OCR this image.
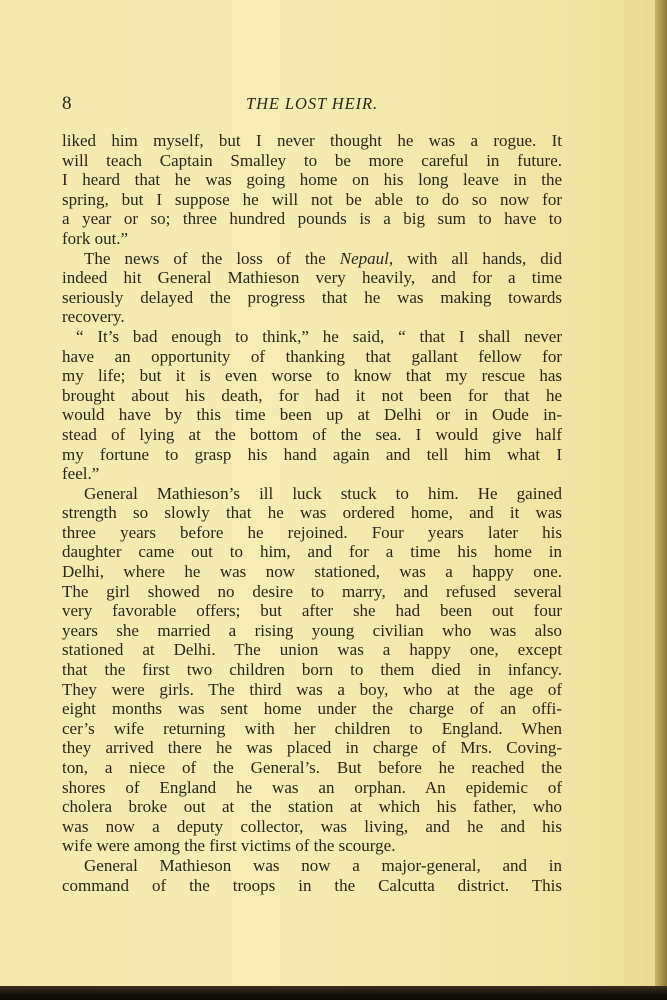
8	THE LOST HEIR.
liked him myself, but I never thought he was a rogue. It
will teach Captain Smalley to be more careful in future.
I heard that he was going home on his long leave in the
spring, but I suppose he will not be able to do so now for
a year or so; three hundred pounds is a big sum to have to
fork out.”
The news of the loss of the Nepaul, with all hands, did
indeed hit General Mathieson very heavily, and for a time
seriously delayed the progress that he was making towards
recovery.
“ It’s bad enough to think,” he said, “ that I shall never
have an opportunity of thanking that gallant fellow for
my life; but it is even worse to know that my rescue has
brought about his death, for had it not been for that he
would have by this time been up at Delhi or in Oude in-
stead of lying at the bottom of the sea. I would give half
my fortune to grasp his hand again and tell him what I
feel.”
General Mathieson’s ill luck stuck to him. He gained
strength so slowly that he was ordered home, and it was
three years before he rejoined. Four years later his
daughter came out to him, and for a time his home in
Delhi, where he was now stationed, was a happy one.
The girl showed no desire to marry, and refused several
very favorable offers; but after she had been out four
years she married a rising young civilian who was also
stationed at Delhi. The union was a happy one, except
that the first two children born to them died in infancy.
They were girls. The third was a boy, who at the age of
eight months was sent home under the charge of an offi-
cer’s wife returning with her children to England. When
they arrived there he was placed in charge of Mrs. Coving-
ton, a niece of the General’s. But before he reached the
shores of England he was an orphan. An epidemic of
cholera broke out at the station at which his father, who
was now a deputy collector, was living, and he and his
wife were among the first victims of the scourge.
General Mathieson was now a major-general, and in
command of the troops in the Calcutta district. This
